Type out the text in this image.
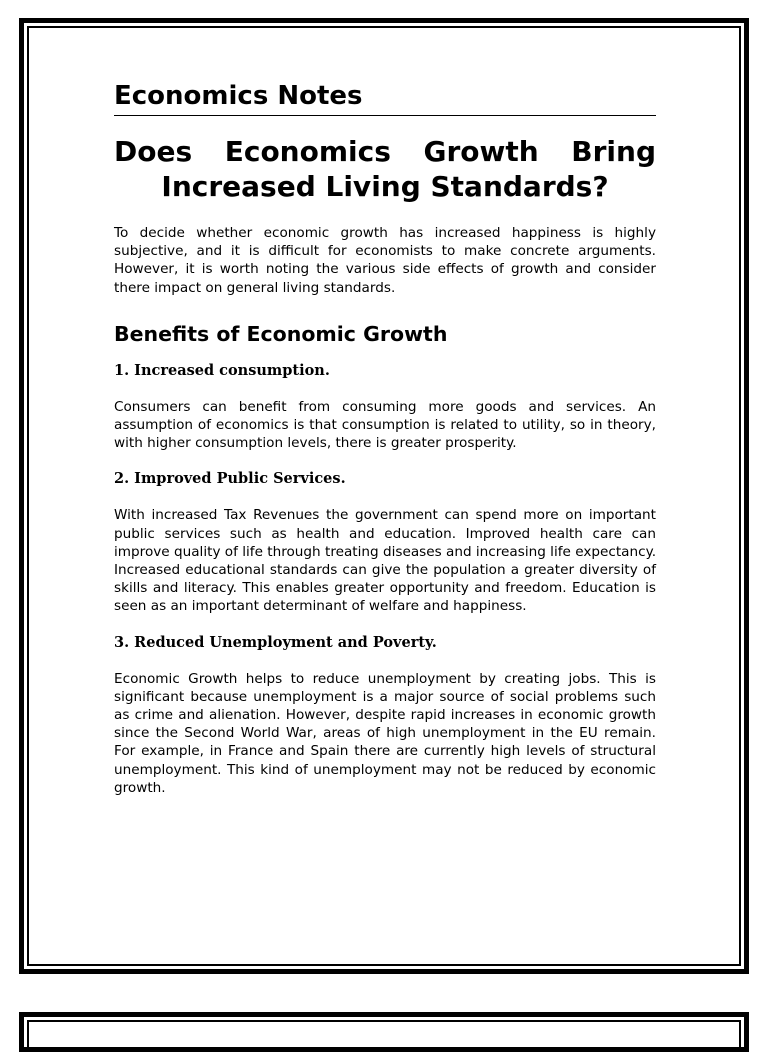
Economics Notes
Does Economics Growth Bring Increased Living Standards?

To decide whether economic growth has increased happiness is highly subjective, and it is difficult for economists to make concrete arguments. However, it is worth noting the various side effects of growth and consider there impact on general living standards.

Benefits of Economic Growth
1. Increased consumption.

Consumers can benefit from consuming more goods and services. An assumption of economics is that consumption is related to utility, so in theory, with higher consumption levels, there is greater prosperity.

2. Improved Public Services.

With increased Tax Revenues the government can spend more on important public services such as health and education. Improved health care can improve quality of life through treating diseases and increasing life expectancy. Increased educational standards can give the population a greater diversity of skills and literacy. This enables greater opportunity and freedom. Education is seen as an important determinant of welfare and happiness.

3. Reduced Unemployment and Poverty.

Economic Growth helps to reduce unemployment by creating jobs. This is significant because unemployment is a major source of social problems such as crime and alienation. However, despite rapid increases in economic growth since the Second World War, areas of high unemployment in the EU remain. For example, in France and Spain there are currently high levels of structural unemployment. This kind of unemployment may not be reduced by economic growth.
